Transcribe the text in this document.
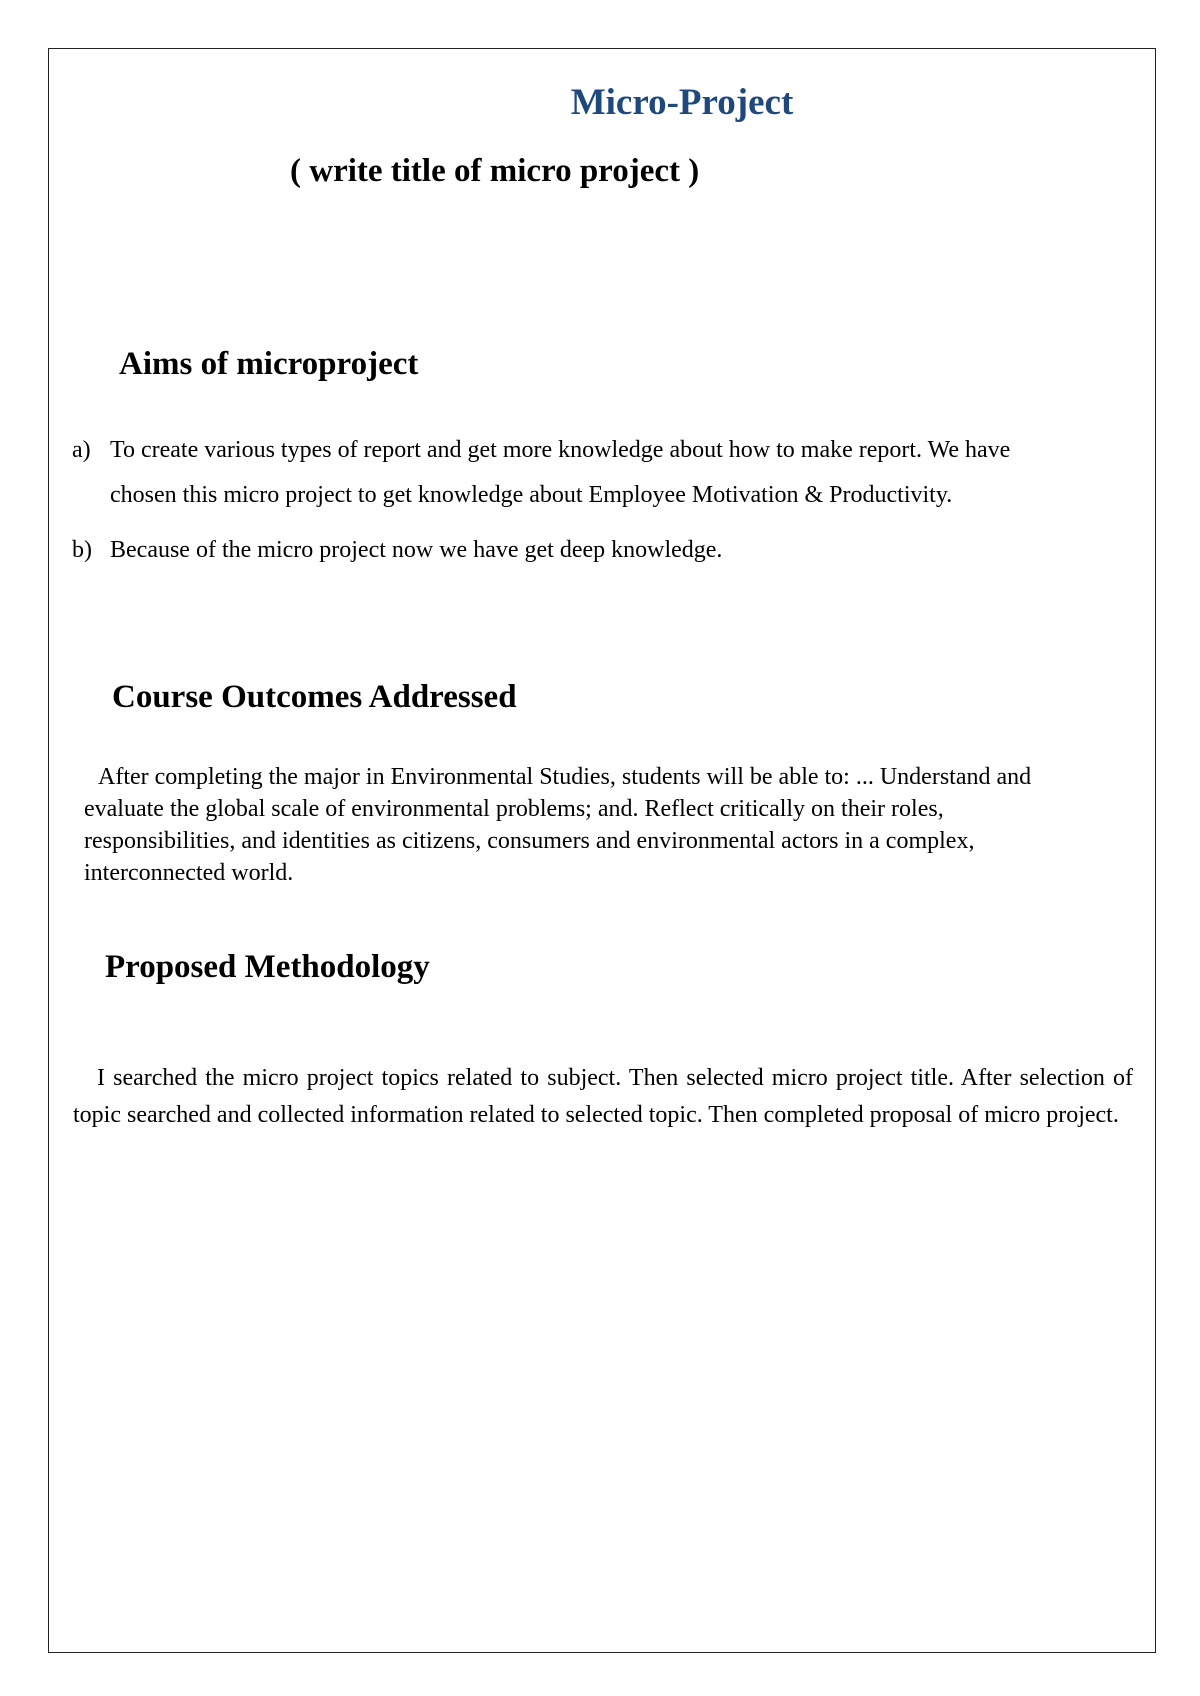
Micro-Project
( write title of micro project )
Aims of microproject
a) To create various types of report and get more knowledge about how to make report. We have chosen this micro project to get knowledge about Employee Motivation & Productivity.
b) Because of the micro project now we have get deep knowledge.
Course Outcomes Addressed

After completing the major in Environmental Studies, students will be able to: ... Understand and evaluate the global scale of environmental problems; and. Reflect critically on their roles, responsibilities, and identities as citizens, consumers and environmental actors in a complex, interconnected world.

Proposed Methodology

I searched the micro project topics related to subject. Then selected micro project title. After selection of topic searched and collected information related to selected topic. Then completed proposal of micro project.
